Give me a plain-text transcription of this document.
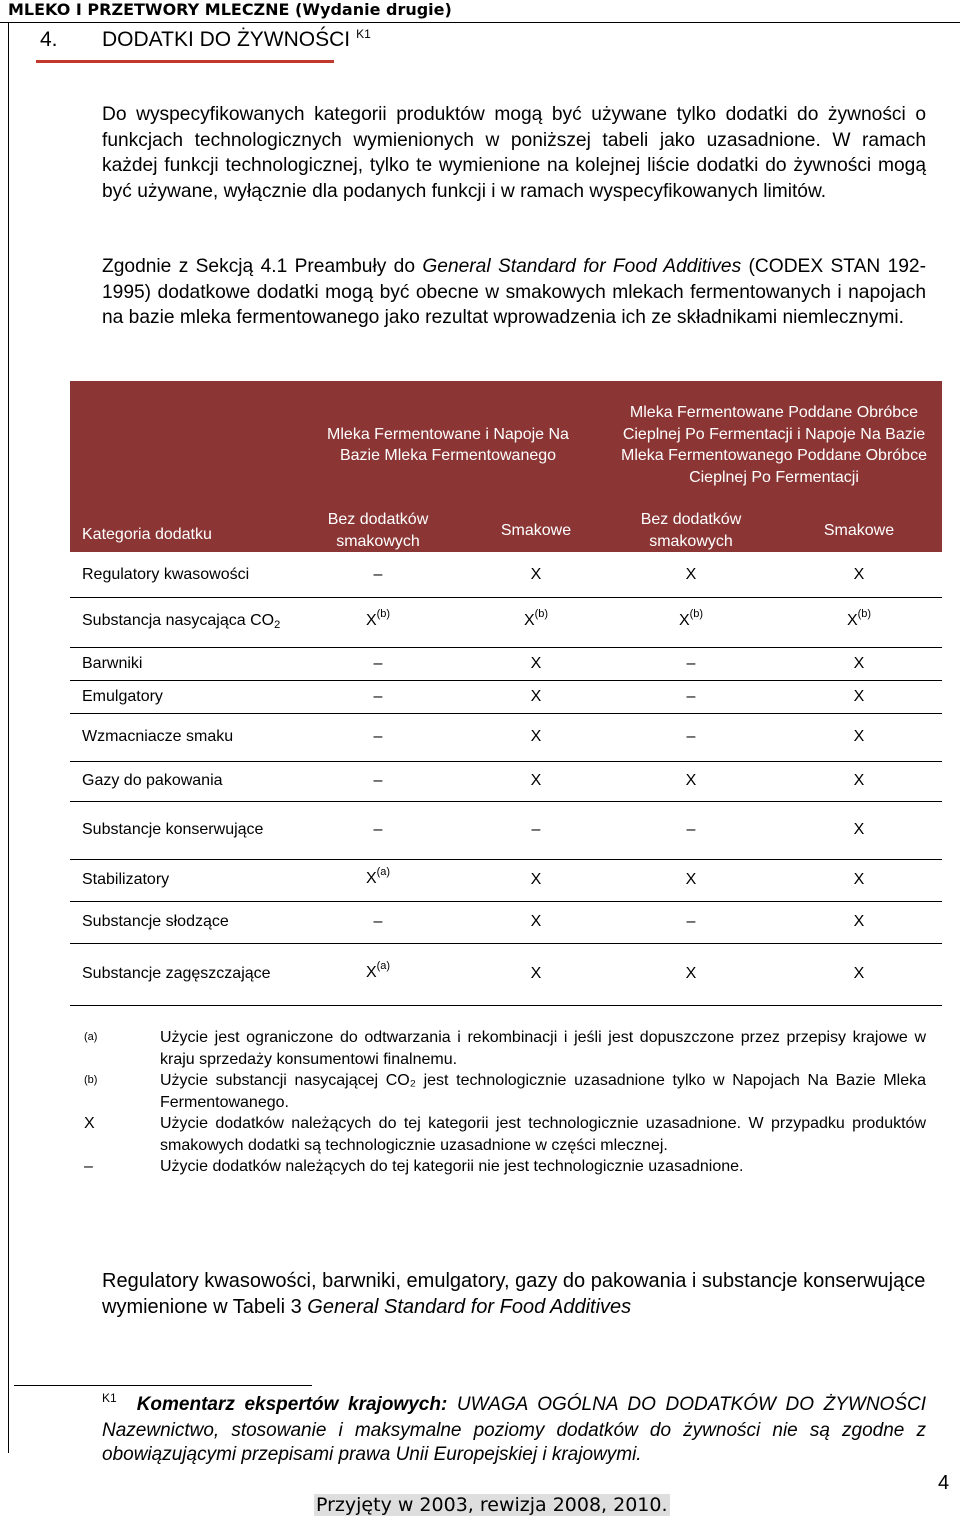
MLEKO I PRZETWORY MLECZNE (Wydanie drugie)
4. DODATKI DO ŻYWNOŚCI $^{K1}$
Do wyspecyfikowanych kategorii produktów mogą być używane tylko dodatki do żywności o funkcjach technologicznych wymienionych w poniższej tabeli jako uzasadnione. W ramach każdej funkcji technologicznej, tylko te wymienione na kolejnej liście dodatki do żywności mogą być używane, wyłącznie dla podanych funkcji i w ramach wyspecyfikowanych limitów.
Zgodnie z Sekcją 4.1 Preambuły do General Standard for Food Additives (CODEX STAN 192-1995) dodatkowe dodatki mogą być obecne w smakowych mlekach fermentowanych i napojach na bazie mleka fermentowanego jako rezultat wprowadzenia ich ze składnikami niemlecznymi.
Kategoria dodatku	Mleka Fermentowane i Napoje Na Bazie Mleka Fermentowanego		Mleka Fermentowane Poddane Obróbce Cieplnej Po Fermentacji i Napoje Na Bazie Mleka Fermentowanego Poddane Obróbce Cieplnej Po Fermentacji	
	Bez dodatków smakowych	Smakowe	Bez dodatków smakowych	Smakowe
Regulatory kwasowości	–	X	X	X
Substancja nasycająca CO2	$X^{(b)}$	$X^{(b)}$	$X^{(b)}$	$X^{(b)}$
Barwniki	–	X	–	X
Emulgatory	–	X	–	X
Wzmacniacze smaku	–	X	–	X
Gazy do pakowania	–	X	X	X
Substancje konserwujące	–	–	–	X
Stabilizatory	$X^{(a)}$	X	X	X
Substancje słodzące	–	X	–	X
Substancje zagęszczające	$X^{(a)}$	X	X	X
(a)	Użycie jest ograniczone do odtwarzania i rekombinacji i jeśli jest dopuszczone przez przepisy krajowe w kraju sprzedaży konsumentowi finalnemu.
(b)	Użycie substancji nasycającej CO₂ jest technologicznie uzasadnione tylko w Napojach Na Bazie Mleka Fermentowanego.
X	Użycie dodatków należących do tej kategorii jest technologicznie uzasadnione. W przypadku produktów smakowych dodatki są technologicznie uzasadnione w części mlecznej.
–	Użycie dodatków należących do tej kategorii nie jest technologicznie uzasadnione.
Regulatory kwasowości, barwniki, emulgatory, gazy do pakowania i substancje konserwujące wymienione w Tabeli 3 General Standard for Food Additives
$^{K1}$ Komentarz ekspertów krajowych: UWAGA OGÓLNA DO DODATKÓW DO ŻYWNOŚCI Nazewnictwo, stosowanie i maksymalne poziomy dodatków do żywności nie są zgodne z obowiązującymi przepisami prawa Unii Europejskiej i krajowymi.
Przyjęty w 2003, rewizja 2008, 2010.
4
